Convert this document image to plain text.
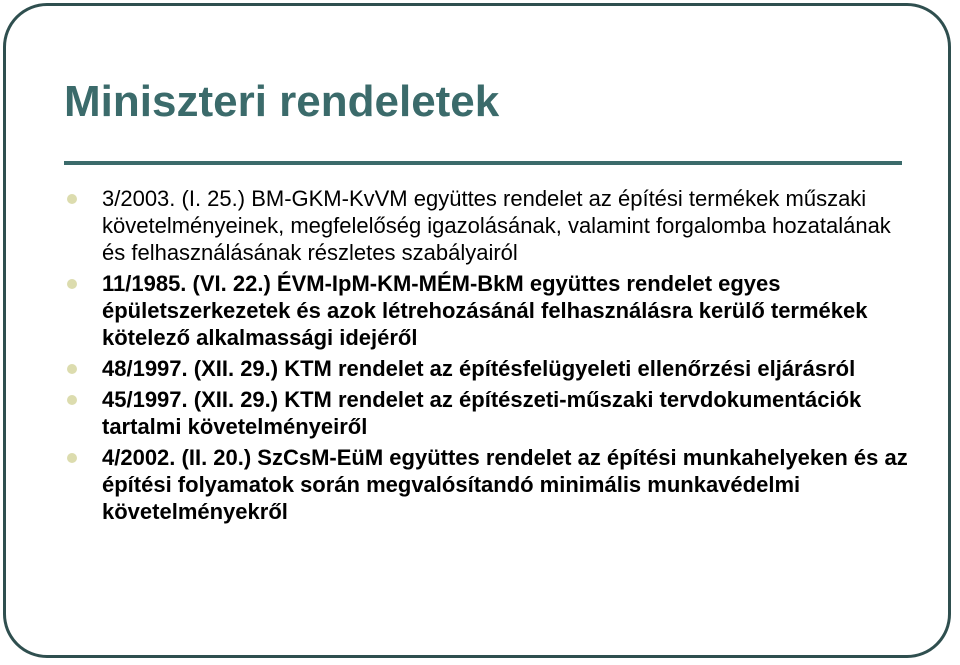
Miniszteri rendeletek
3/2003. (I. 25.) BM-GKM-KvVM együttes rendelet az építési termékek műszaki követelményeinek, megfelelőség igazolásának, valamint forgalomba hozatalának és felhasználásának részletes szabályairól
11/1985. (VI. 22.) ÉVM-IpM-KM-MÉM-BkM együttes rendelet egyes épületszerkezetek és azok létrehozásánál felhasználásra kerülő termékek kötelező alkalmassági idejéről
48/1997. (XII. 29.) KTM rendelet az építésfelügyeleti ellenőrzési eljárásról
45/1997. (XII. 29.) KTM rendelet az építészeti-műszaki tervdokumentációk tartalmi követelményeiről
4/2002. (II. 20.) SzCsM-EüM együttes rendelet az építési munkahelyeken és az építési folyamatok során megvalósítandó minimális munkavédelmi követelményekről
